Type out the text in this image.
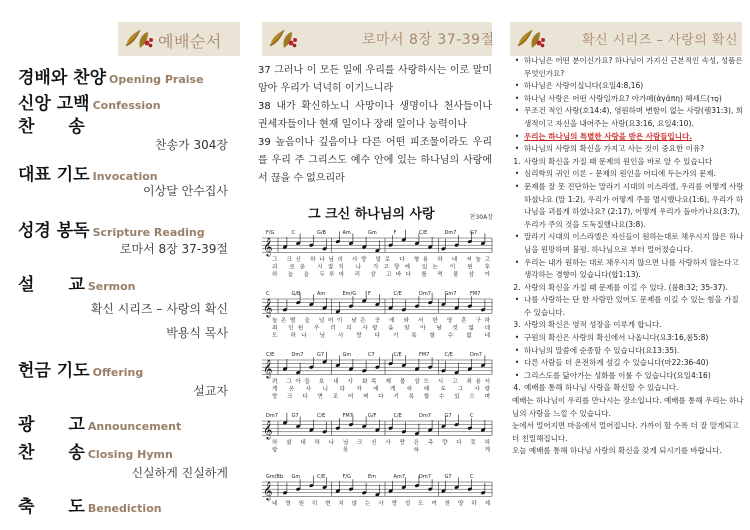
예배순서
경배와 찬양 Opening Praise
신앙 고백 Confession
찬　　송
찬송가 304장
대표 기도 Invocation
이상달 안수집사
성경 봉독 Scripture Reading
로마서 8장 37-39절
설　　교 Sermon
확신 시리즈 – 사랑의 확신
박용식 목사
헌금 기도 Offering
설교자
광　　고 Announcement
찬　　송 Closing Hymn
신실하게 진실하게
축　　도 Benediction
로마서 8장 37-39절

37 그러나 이 모든 일에 우리를 사랑하시는 이로 말미암아 우리가 넉넉히 이기느니라

38 내가 확신하노니 사망이나 생명이나 천사들이나 권세자들이나 현재 일이나 장래 일이나 능력이나

39 높음이나 깊음이나 다른 어떤 피조물이라도 우리를 우리 주 그리스도 예수 안에 있는 하나님의 사랑에서 끊을 수 없으리라

그 크신 하나님의 사랑	찬30A장
𝄞
F/G	C	G/B	Am	Gm	F	C/E	Dm7	G7
그 크신 하나님의 사랑 말로 다 형용 하 네 저높고
괴 로운 시절지 나 가고향에 있는 이 된 후
하 늘 을 두루마 리 삼 고바다 를 먹 물 삼 아
𝄞
C	G/B	Am	Em/G F	C/E	Dm7	Gm7	FM7
높은별 을 넘어이 낮은 곳 에 와 서 한 영 혼 구하
죄 인된 우 리 의 사랑 을 알 아 날 것 없 네
도 하나 님 사 랑 다 기 록 할 수 없 네
𝄞
C/E	Dm7	G7	Gm	C7	C/E	FM7	C/E	Dm7
려 그아들 보 내 사 화목 제 물 삼으 시 고 죄용서
게 은 사 니 라 자 에 게 하 해 도 그 사랑
랑 크 다 면 조 어 찌 다 기 록 할 수 있 으 며
𝄞
Dm7	G7	C/E	FM7	G/F	C/E	Dm7	G7	C
하 셨 네 하 나 님 크 신 사 랑 은 측 량 다 못 하
랑 못 하 게
𝄞
Gm/Bb Gm	C/E	F/G	Em	Am7	Dm7	G7	C
네 영 원 히 변 치 않 는 사 랑 성 도 여 찬 양 하 세
확신 시리즈 – 사랑의 확신
• 하나님은 어떤 분이신가요? 하나님이 가지신 근본적인 속성, 성품은 무엇인가요?
• 하나님은 사랑이십니다(요일4:8,16)
• 하나님 사랑은 어떤 사랑일까요? 아가페(ἀγάπη) 헤세드(סֶד)
• 무조건 적인 사랑(호14:4), 영원하며 변함이 없는 사랑(렘31:3), 희생적이고 자신을 내어주는 사랑(요3:16, 요일4:10).
• 우리는 하나님의 특별한 사랑을 받은 사람들입니다.
• 하나님의 사랑의 확신을 가지고 사는 것이 중요한 이유?
1. 사랑의 확신을 가질 때 문제의 원인을 바로 알 수 있습니다
• 심리학의 귀인 이론 – 문제의 원인을 어디에 두는가의 문제.
• 문제를 잘 못 진단하는 말라기 시대의 이스라엘, 우리를 어떻게 사랑하셨나요 (말 1:2), 우리가 어떻게 주를 멸시했나요(1:6), 우리가 하나님을 괴롭게 하였나요? (2:17), 어떻게 우리가 돌아가나요(3:7), 우리가 주의 것을 도둑질했나요(3:8).
• 말라기 시대의 이스라엘은 자신들이 원하는대로 채우시지 않은 하나님을 원망하며 불평. 하나님으로 부터 멀어졌습니다.
• 우리는 내가 원하는 대로 채우시지 않으면 나를 사랑하지 않는다고 생각하는 경향이 있습니다(합1:13).
2. 사랑의 확신을 가질 때 문제를 이길 수 있다. (롬8:32; 35-37).
• 나를 사랑하는 단 한 사람만 있어도 문제를 이길 수 있는 힘을 가질 수 있습니다.
3. 사랑의 확신은 영적 성장을 이루게 합니다.
• 구원의 확신은 사랑의 확신에서 나옵니다(요3:16,롬5:8)
• 하나님의 말씀에 순종할 수 있습니다(요13:35).
• 다른 사람들 더 온전하게 섬길 수 있습니다(마22:36-40)
• 그리스도를 닮아가는 성화를 이룰 수 있습니다(요일4:16)
4. 예배를 통해 하나님 사랑을 확신할 수 있습니다.
예배는 하나님이 우리를 만나시는 장소입니다. 예배를 통해 우리는 하나님의 사랑을 느낄 수 있습니다.
눈에서 멀어지면 마음에서 멀어집니다. 가까이 할 수록 더 잘 알게되고 더 친밀해집니다.
오늘 예배를 통해 하나님 사랑의 확신을 갖게 되시기를 바랍니다.
